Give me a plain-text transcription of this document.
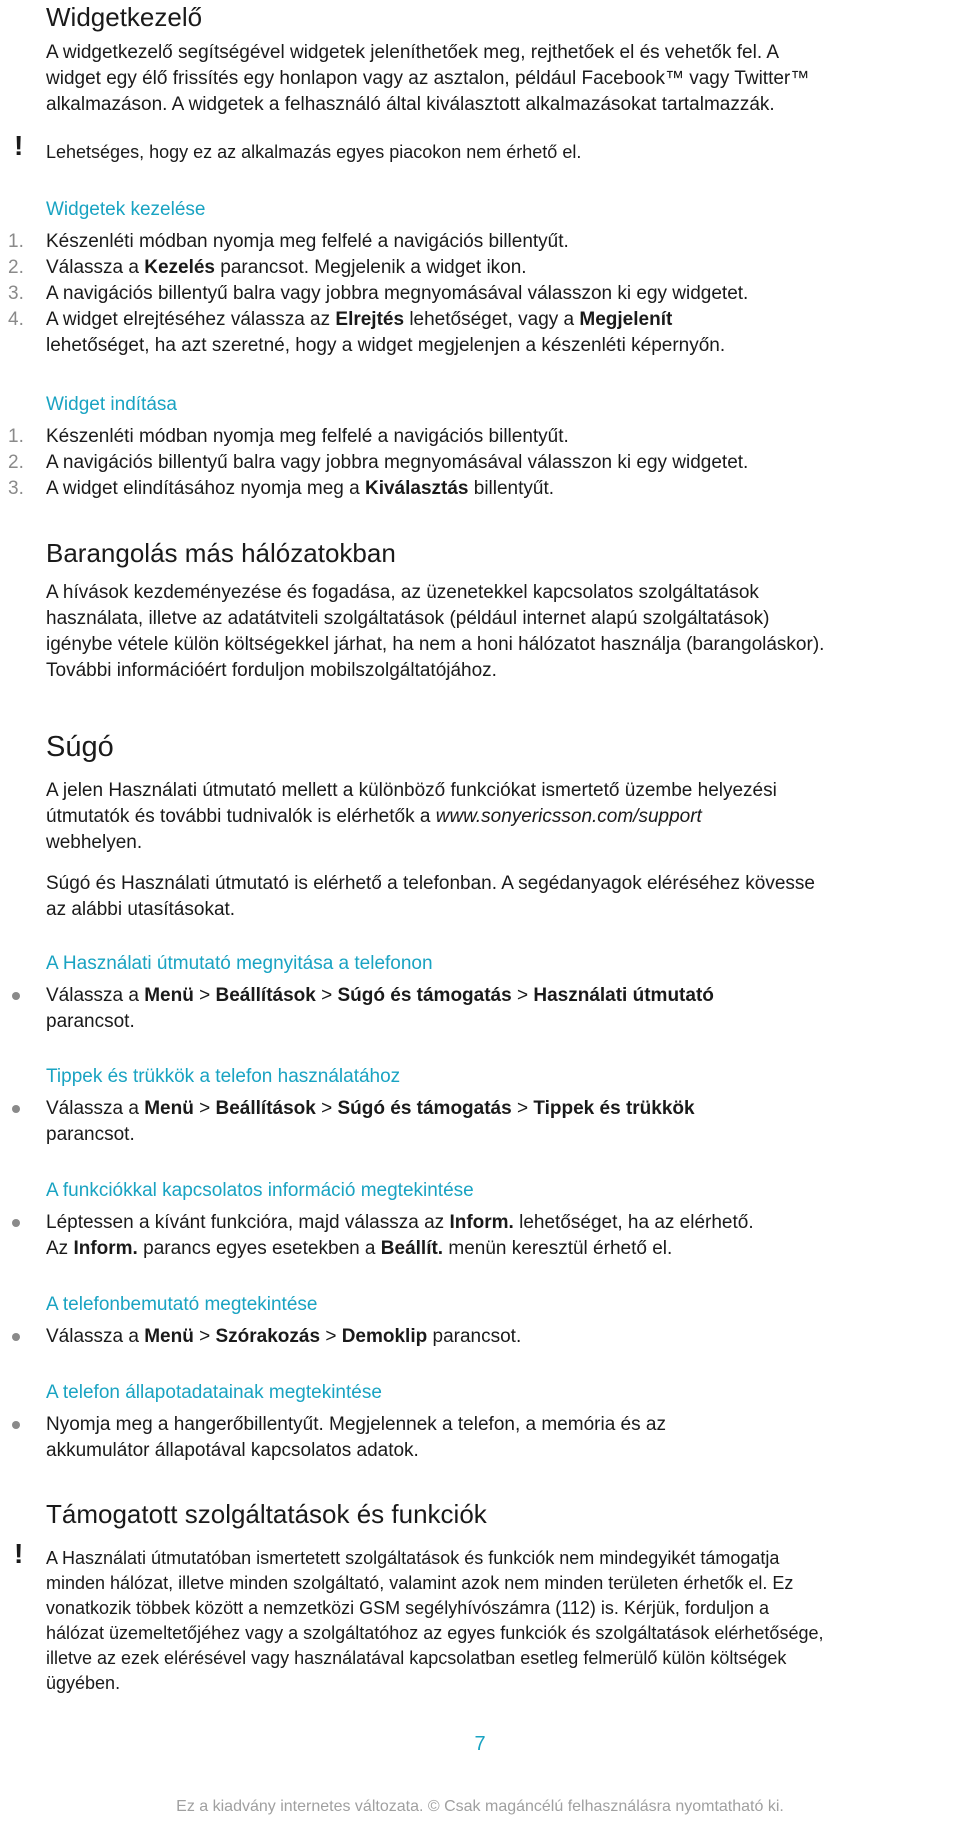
Widgetkezelő
A widgetkezelő segítségével widgetek jeleníthetőek meg, rejthetőek el és vehetők fel. A
widget egy élő frissítés egy honlapon vagy az asztalon, például Facebook™ vagy Twitter™
alkalmazáson. A widgetek a felhasználó által kiválasztott alkalmazásokat tartalmazzák.
! Lehetséges, hogy ez az alkalmazás egyes piacokon nem érhető el.
Widgetek kezelése
1.	Készenléti módban nyomja meg felfelé a navigációs billentyűt.
2.	Válassza a Kezelés parancsot. Megjelenik a widget ikon.
3.	A navigációs billentyű balra vagy jobbra megnyomásával válasszon ki egy widgetet.
4.	A widget elrejtéséhez válassza az Elrejtés lehetőséget, vagy a Megjelenít
lehetőséget, ha azt szeretné, hogy a widget megjelenjen a készenléti képernyőn.
Widget indítása
1.	Készenléti módban nyomja meg felfelé a navigációs billentyűt.
2.	A navigációs billentyű balra vagy jobbra megnyomásával válasszon ki egy widgetet.
3.	A widget elindításához nyomja meg a Kiválasztás billentyűt.
Barangolás más hálózatokban
A hívások kezdeményezése és fogadása, az üzenetekkel kapcsolatos szolgáltatások
használata, illetve az adatátviteli szolgáltatások (például internet alapú szolgáltatások)
igénybe vétele külön költségekkel járhat, ha nem a honi hálózatot használja (barangoláskor).
További információért forduljon mobilszolgáltatójához.
Súgó
A jelen Használati útmutató mellett a különböző funkciókat ismertető üzembe helyezési
útmutatók és további tudnivalók is elérhetők a www.sonyericsson.com/support
webhelyen.
Súgó és Használati útmutató is elérhető a telefonban. A segédanyagok eléréséhez kövesse
az alábbi utasításokat.
A Használati útmutató megnyitása a telefonon
Válassza a Menü > Beállítások > Súgó és támogatás > Használati útmutató
parancsot.
Tippek és trükkök a telefon használatához
Válassza a Menü > Beállítások > Súgó és támogatás > Tippek és trükkök
parancsot.
A funkciókkal kapcsolatos információ megtekintése
Léptessen a kívánt funkcióra, majd válassza az Inform. lehetőséget, ha az elérhető.
Az Inform. parancs egyes esetekben a Beállít. menün keresztül érhető el.
A telefonbemutató megtekintése
Válassza a Menü > Szórakozás > Demoklip parancsot.
A telefon állapotadatainak megtekintése
Nyomja meg a hangerőbillentyűt. Megjelennek a telefon, a memória és az
akkumulátor állapotával kapcsolatos adatok.
Támogatott szolgáltatások és funkciók
! A Használati útmutatóban ismertetett szolgáltatások és funkciók nem mindegyikét támogatja
minden hálózat, illetve minden szolgáltató, valamint azok nem minden területen érhetők el. Ez
vonatkozik többek között a nemzetközi GSM segélyhívószámra (112) is. Kérjük, forduljon a
hálózat üzemeltetőjéhez vagy a szolgáltatóhoz az egyes funkciók és szolgáltatások elérhetősége,
illetve az ezek elérésével vagy használatával kapcsolatban esetleg felmerülő külön költségek
ügyében.
7
Ez a kiadvány internetes változata. © Csak magáncélú felhasználásra nyomtatható ki.
